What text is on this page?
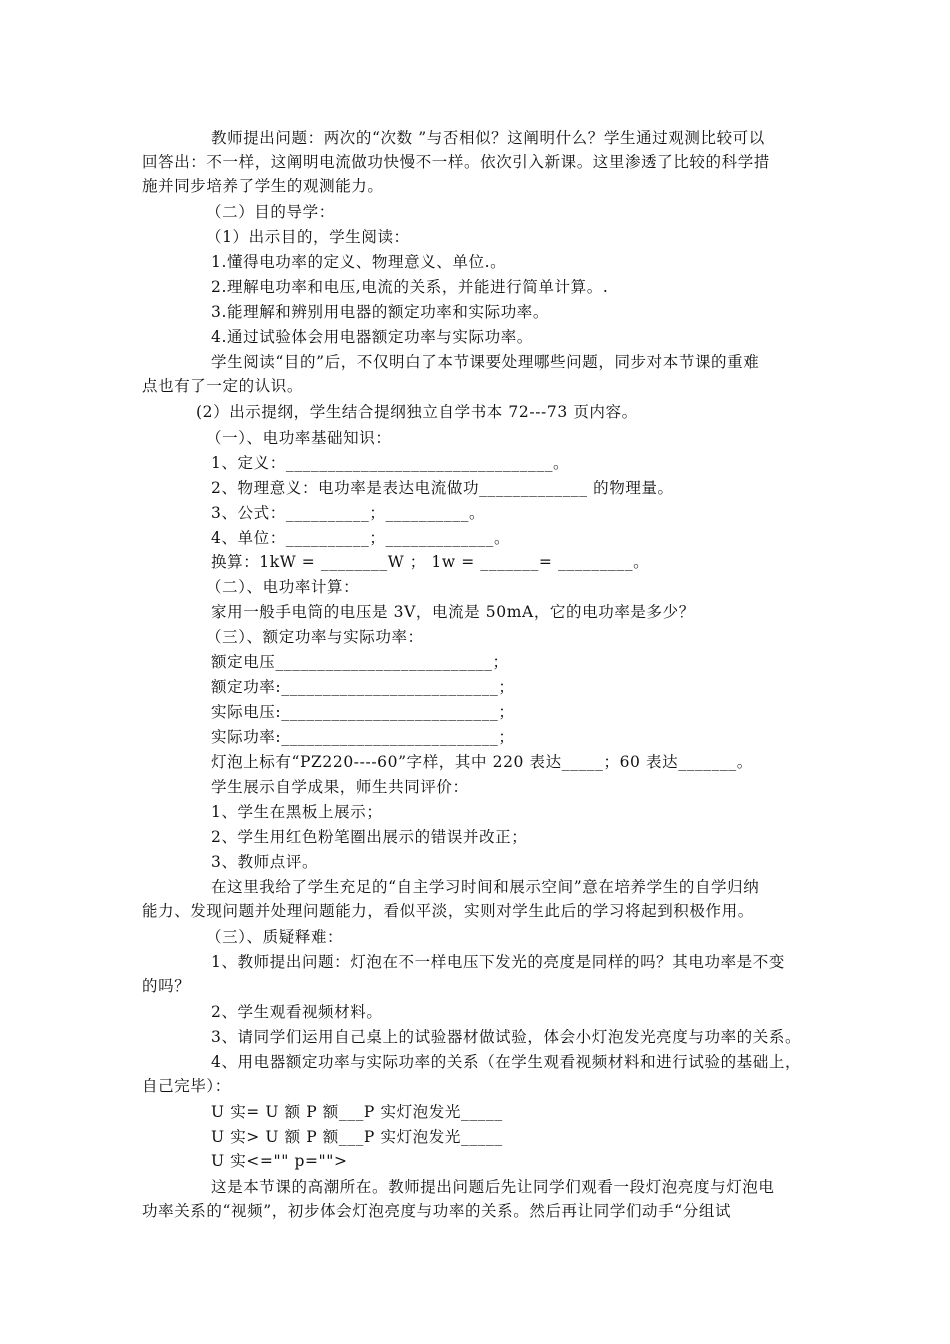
教师提出问题：两次的“次数 ”与否相似？这阐明什么？学生通过观测比较可以
回答出：不一样，这阐明电流做功快慢不一样。依次引入新课。这里渗透了比较的科学措
施并同步培养了学生的观测能力。
（二）目的导学：
（1）出示目的，学生阅读：
1.懂得电功率的定义、物理意义、单位.。
2.理解电功率和电压,电流的关系，并能进行简单计算。.
3.能理解和辨别用电器的额定功率和实际功率。
4.通过试验体会用电器额定功率与实际功率。
学生阅读“目的”后，不仅明白了本节课要处理哪些问题，同步对本节课的重难
点也有了一定的认识。
(2）出示提纲，学生结合提纲独立自学书本 72---73 页内容。
（一）、电功率基础知识：
1、定义：________________________________。
2、物理意义：电功率是表达电流做功_____________ 的物理量。
3、公式：__________；__________。
4、单位：__________；_____________。
换算：1kW = ________W ； 1w = _______= _________。
（二）、电功率计算：
家用一般手电筒的电压是 3V，电流是 50mA，它的电功率是多少？
（三）、额定功率与实际功率：
额定电压__________________________；
额定功率:__________________________；
实际电压:__________________________；
实际功率:__________________________；
灯泡上标有“PZ220----60”字样，其中 220 表达_____；60 表达_______。
学生展示自学成果，师生共同评价：
1、学生在黑板上展示；
2、学生用红色粉笔圈出展示的错误并改正；
3、教师点评。
在这里我给了学生充足的“自主学习时间和展示空间”意在培养学生的自学归纳
能力、发现问题并处理问题能力，看似平淡，实则对学生此后的学习将起到积极作用。
（三）、质疑释难：
1、教师提出问题：灯泡在不一样电压下发光的亮度是同样的吗？其电功率是不变
的吗？
2、学生观看视频材料。
3、请同学们运用自己桌上的试验器材做试验，体会小灯泡发光亮度与功率的关系。
4、用电器额定功率与实际功率的关系（在学生观看视频材料和进行试验的基础上，
自己完毕）：
U 实= U 额 P 额___P 实灯泡发光_____
U 实> U 额 P 额___P 实灯泡发光_____
U 实<="" p="">
这是本节课的高潮所在。教师提出问题后先让同学们观看一段灯泡亮度与灯泡电
功率关系的“视频”，初步体会灯泡亮度与功率的关系。然后再让同学们动手“分组试
